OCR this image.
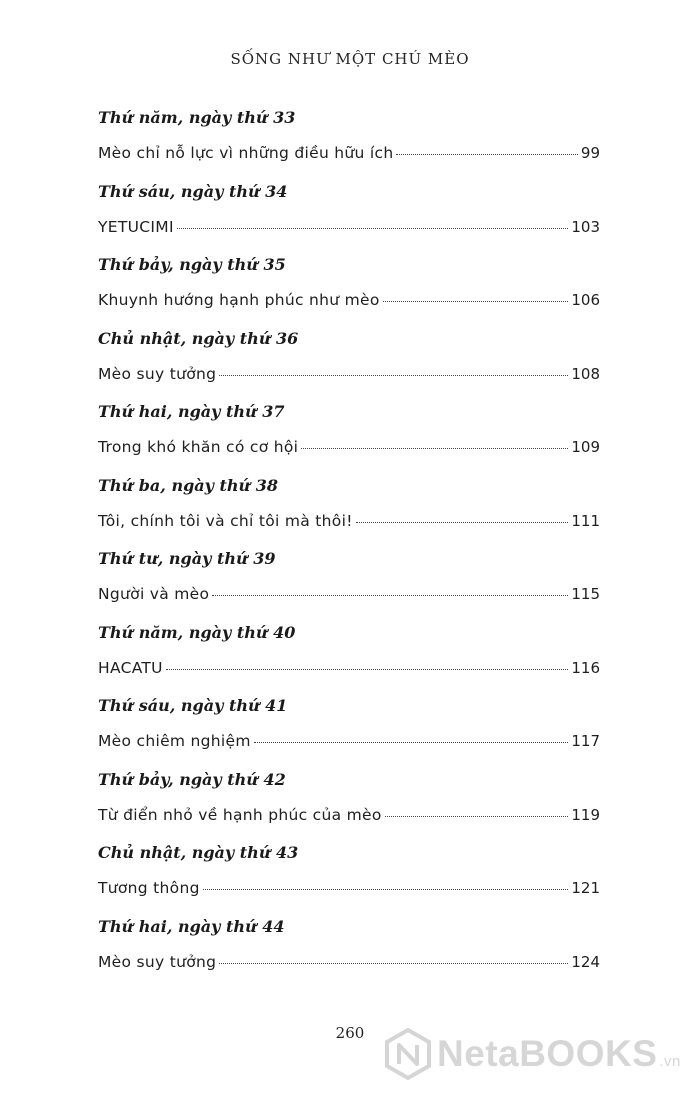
SỐNG NHƯ MỘT CHÚ MÈO
Thứ năm, ngày thứ 33
Mèo chỉ nỗ lực vì những điều hữu ích	99
Thứ sáu, ngày thứ 34
YETUCIMI	103
Thứ bảy, ngày thứ 35
Khuynh hướng hạnh phúc như mèo	106
Chủ nhật, ngày thứ 36
Mèo suy tưởng	108
Thứ hai, ngày thứ 37
Trong khó khăn có cơ hội	109
Thứ ba, ngày thứ 38
Tôi, chính tôi và chỉ tôi mà thôi!	111
Thứ tư, ngày thứ 39
Người và mèo	115
Thứ năm, ngày thứ 40
HACATU	116
Thứ sáu, ngày thứ 41
Mèo chiêm nghiệm	117
Thứ bảy, ngày thứ 42
Từ điển nhỏ về hạnh phúc của mèo	119
Chủ nhật, ngày thứ 43
Tương thông	121
Thứ hai, ngày thứ 44
Mèo suy tưởng	124
260	NetaBOOKS .vn
